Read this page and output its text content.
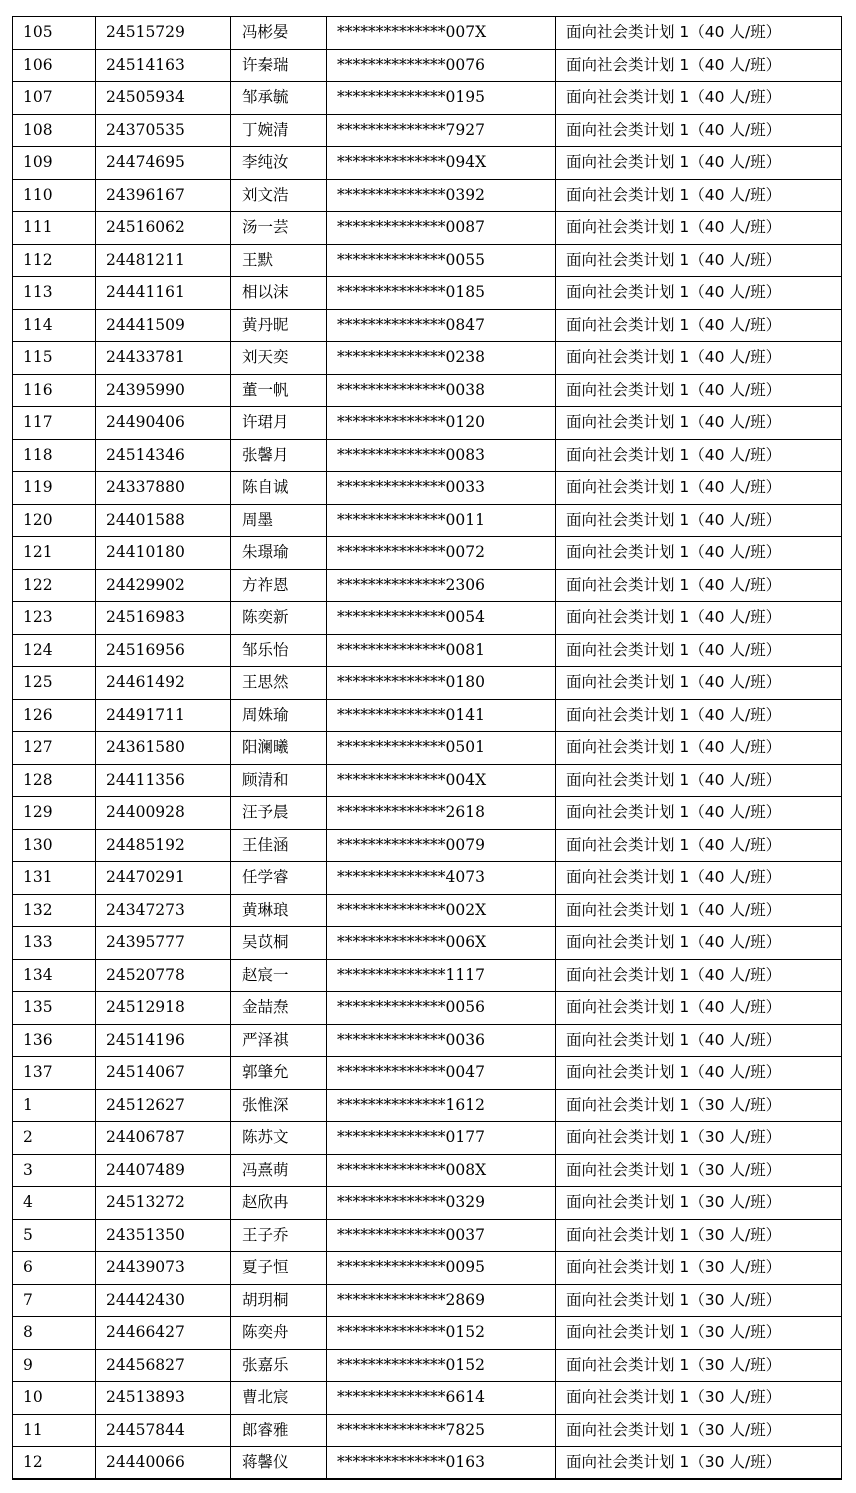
105	24515729	冯彬晏	**************007X	面向社会类计划 1（40 人/班）
106	24514163	许秦瑞	**************0076	面向社会类计划 1（40 人/班）
107	24505934	邹承毓	**************0195	面向社会类计划 1（40 人/班）
108	24370535	丁婉清	**************7927	面向社会类计划 1（40 人/班）
109	24474695	李纯汝	**************094X	面向社会类计划 1（40 人/班）
110	24396167	刘文浩	**************0392	面向社会类计划 1（40 人/班）
111	24516062	汤一芸	**************0087	面向社会类计划 1（40 人/班）
112	24481211	王默	**************0055	面向社会类计划 1（40 人/班）
113	24441161	相以沫	**************0185	面向社会类计划 1（40 人/班）
114	24441509	黄丹昵	**************0847	面向社会类计划 1（40 人/班）
115	24433781	刘天奕	**************0238	面向社会类计划 1（40 人/班）
116	24395990	董一帆	**************0038	面向社会类计划 1（40 人/班）
117	24490406	许珺月	**************0120	面向社会类计划 1（40 人/班）
118	24514346	张馨月	**************0083	面向社会类计划 1（40 人/班）
119	24337880	陈自诚	**************0033	面向社会类计划 1（40 人/班）
120	24401588	周墨	**************0011	面向社会类计划 1（40 人/班）
121	24410180	朱璟瑜	**************0072	面向社会类计划 1（40 人/班）
122	24429902	方祚恩	**************2306	面向社会类计划 1（40 人/班）
123	24516983	陈奕新	**************0054	面向社会类计划 1（40 人/班）
124	24516956	邹乐怡	**************0081	面向社会类计划 1（40 人/班）
125	24461492	王思然	**************0180	面向社会类计划 1（40 人/班）
126	24491711	周姝瑜	**************0141	面向社会类计划 1（40 人/班）
127	24361580	阳澜曦	**************0501	面向社会类计划 1（40 人/班）
128	24411356	顾清和	**************004X	面向社会类计划 1（40 人/班）
129	24400928	汪予晨	**************2618	面向社会类计划 1（40 人/班）
130	24485192	王佳涵	**************0079	面向社会类计划 1（40 人/班）
131	24470291	任学睿	**************4073	面向社会类计划 1（40 人/班）
132	24347273	黄琳琅	**************002X	面向社会类计划 1（40 人/班）
133	24395777	吴苡桐	**************006X	面向社会类计划 1（40 人/班）
134	24520778	赵宸一	**************1117	面向社会类计划 1（40 人/班）
135	24512918	金喆焘	**************0056	面向社会类计划 1（40 人/班）
136	24514196	严泽祺	**************0036	面向社会类计划 1（40 人/班）
137	24514067	郭肇允	**************0047	面向社会类计划 1（40 人/班）
1	24512627	张惟深	**************1612	面向社会类计划 1（30 人/班）
2	24406787	陈苏文	**************0177	面向社会类计划 1（30 人/班）
3	24407489	冯熹萌	**************008X	面向社会类计划 1（30 人/班）
4	24513272	赵欣冉	**************0329	面向社会类计划 1（30 人/班）
5	24351350	王子乔	**************0037	面向社会类计划 1（30 人/班）
6	24439073	夏子恒	**************0095	面向社会类计划 1（30 人/班）
7	24442430	胡玥桐	**************2869	面向社会类计划 1（30 人/班）
8	24466427	陈奕舟	**************0152	面向社会类计划 1（30 人/班）
9	24456827	张嘉乐	**************0152	面向社会类计划 1（30 人/班）
10	24513893	曹北宸	**************6614	面向社会类计划 1（30 人/班）
11	24457844	郎睿雅	**************7825	面向社会类计划 1（30 人/班）
12	24440066	蒋馨仪	**************0163	面向社会类计划 1（30 人/班）
